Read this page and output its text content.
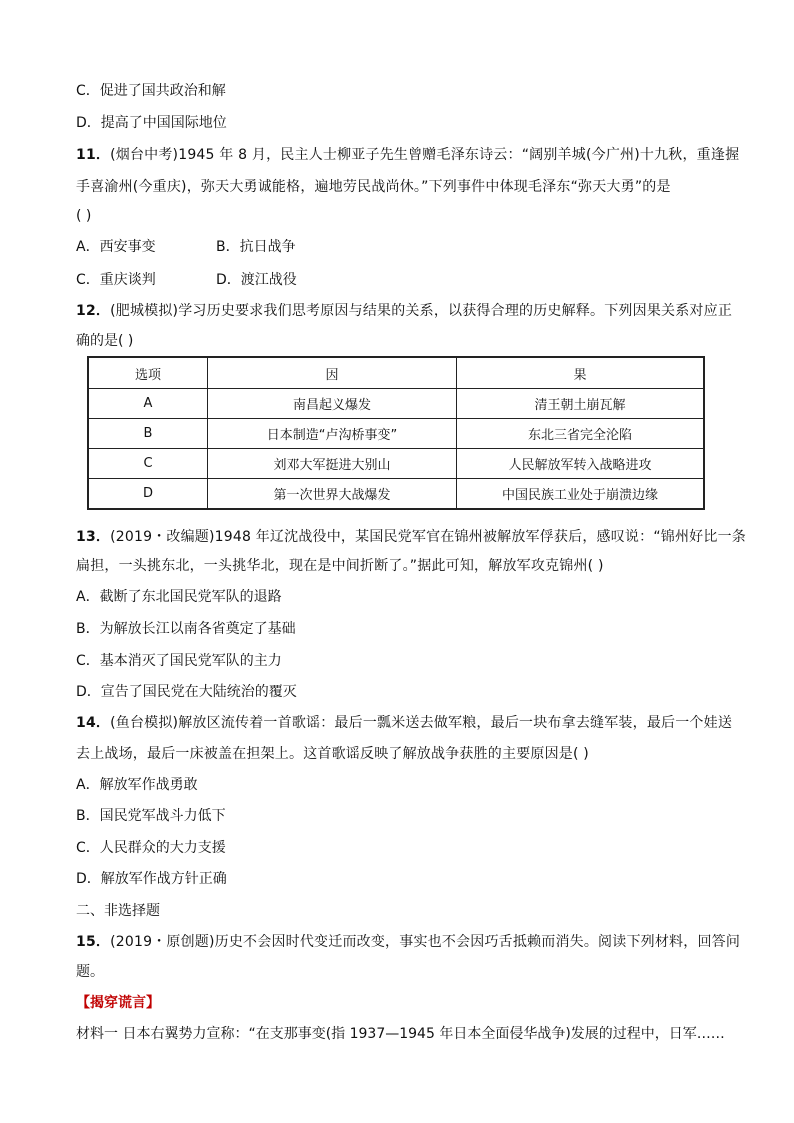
C．促进了国共政治和解
D．提高了中国国际地位
11．(烟台中考)1945 年 8 月，民主人士柳亚子先生曾赠毛泽东诗云：“阔别羊城(今广州)十九秋，重逢握
手喜渝州(今重庆)，弥天大勇诚能格，遍地劳民战尚休。”下列事件中体现毛泽东“弥天大勇”的是
( )
A．西安事变	B．抗日战争
C．重庆谈判	D．渡江战役
12．(肥城模拟)学习历史要求我们思考原因与结果的关系，以获得合理的历史解释。下列因果关系对应正
确的是( )
选项	因	果
A	南昌起义爆发	清王朝土崩瓦解
B	日本制造“卢沟桥事变”	东北三省完全沦陷
C	刘邓大军挺进大别山	人民解放军转入战略进攻
D	第一次世界大战爆发	中国民族工业处于崩溃边缘
13．(2019・改编题)1948 年辽沈战役中，某国民党军官在锦州被解放军俘获后，感叹说：“锦州好比一条
扁担，一头挑东北，一头挑华北，现在是中间折断了。”据此可知，解放军攻克锦州( )
A．截断了东北国民党军队的退路
B．为解放长江以南各省奠定了基础
C．基本消灭了国民党军队的主力
D．宣告了国民党在大陆统治的覆灭
14．(鱼台模拟)解放区流传着一首歌谣：最后一瓢米送去做军粮，最后一块布拿去缝军装，最后一个娃送
去上战场，最后一床被盖在担架上。这首歌谣反映了解放战争获胜的主要原因是( )
A．解放军作战勇敢
B．国民党军战斗力低下
C．人民群众的大力支援
D．解放军作战方针正确
二、非选择题
15．(2019・原创题)历史不会因时代变迁而改变，事实也不会因巧舌抵赖而消失。阅读下列材料，回答问
题。
【揭穿谎言】
材料一 日本右翼势力宣称：“在支那事变(指 1937—1945 年日本全面侵华战争)发展的过程中，日军……
